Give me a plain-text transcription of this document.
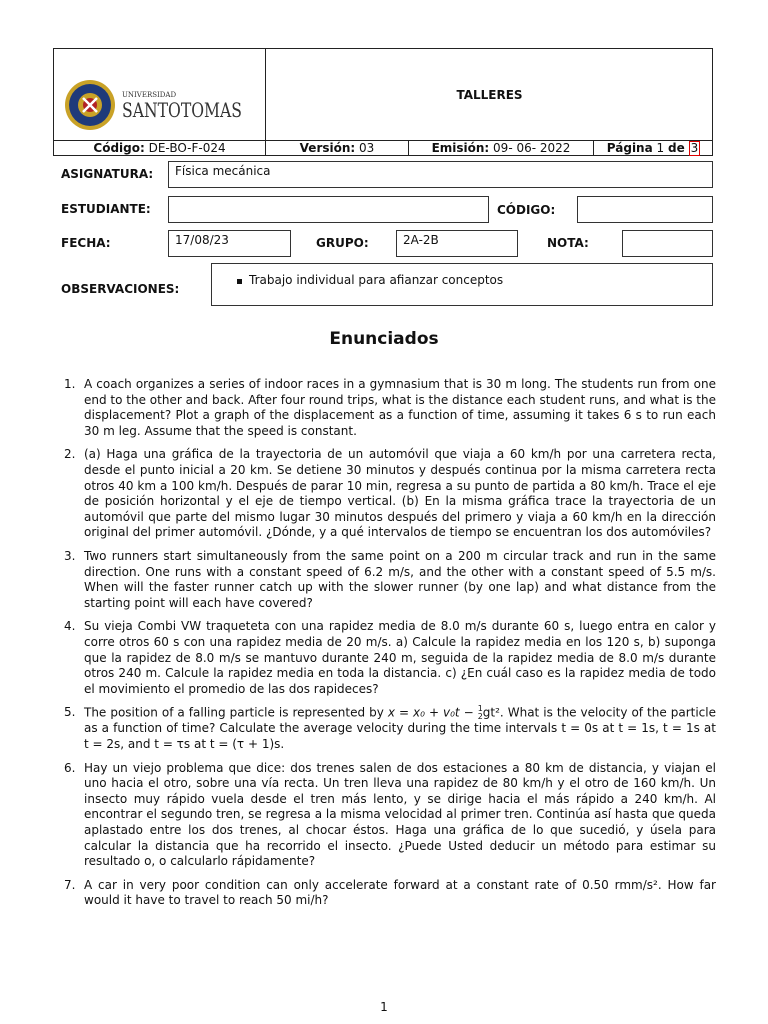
UNIVERSIDAD
SANTOTOMAS
TALLERES
Código: DE-BO-F-024	Versión: 03	Emisión: 09- 06- 2022	Página 1 de 3
ASIGNATURA:	Física mecánica
ESTUDIANTE:	CÓDIGO:
FECHA:	17/08/23	GRUPO:	2A-2B	NOTA:
OBSERVACIONES:
Trabajo individual para afianzar conceptos
Enunciados
1. A coach organizes a series of indoor races in a gymnasium that is 30 m long. The students run from one end to the other and back. After four round trips, what is the distance each student runs, and what is the displacement? Plot a graph of the displacement as a function of time, assuming it takes 6 s to run each 30 m leg. Assume that the speed is constant.
2. (a) Haga una gráfica de la trayectoria de un automóvil que viaja a 60 km/h por una carretera recta, desde el punto inicial a 20 km. Se detiene 30 minutos y después continua por la misma carretera recta otros 40 km a 100 km/h. Después de parar 10 min, regresa a su punto de partida a 80 km/h. Trace el eje de posición horizontal y el eje de tiempo vertical. (b) En la misma gráfica trace la trayectoria de un automóvil que parte del mismo lugar 30 minutos después del primero y viaja a 60 km/h en la dirección original del primer automóvil. ¿Dónde, y a qué intervalos de tiempo se encuentran los dos automóviles?
3. Two runners start simultaneously from the same point on a 200 m circular track and run in the same direction. One runs with a constant speed of 6.2 m/s, and the other with a constant speed of 5.5 m/s. When will the faster runner catch up with the slower runner (by one lap) and what distance from the starting point will each have covered?
4. Su vieja Combi VW traqueteta con una rapidez media de 8.0 m/s durante 60 s, luego entra en calor y corre otros 60 s con una rapidez media de 20 m/s. a) Calcule la rapidez media en los 120 s, b) suponga que la rapidez de 8.0 m/s se mantuvo durante 240 m, seguida de la rapidez media de 8.0 m/s durante otros 240 m. Calcule la rapidez media en toda la distancia. c) ¿En cuál caso es la rapidez media de todo el movimiento el promedio de las dos rapideces?
5. The position of a falling particle is represented by x = x₀ + v₀t − 1
2gt². What is the velocity of the particle as a function of time? Calculate the average velocity during the time intervals t = 0s at t = 1s, t = 1s at t = 2s, and t = τs at t = (τ + 1)s.
6. Hay un viejo problema que dice: dos trenes salen de dos estaciones a 80 km de distancia, y viajan el uno hacia el otro, sobre una vía recta. Un tren lleva una rapidez de 80 km/h y el otro de 160 km/h. Un insecto muy rápido vuela desde el tren más lento, y se dirige hacia el más rápido a 240 km/h. Al encontrar el segundo tren, se regresa a la misma velocidad al primer tren. Continúa así hasta que queda aplastado entre los dos trenes, al chocar éstos. Haga una gráfica de lo que sucedió, y úsela para calcular la distancia que ha recorrido el insecto. ¿Puede Usted deducir un método para estimar su resultado o, o calcularlo rápidamente?
7. A car in very poor condition can only accelerate forward at a constant rate of 0.50 rmm/s². How far would it have to travel to reach 50 mi/h?
1
